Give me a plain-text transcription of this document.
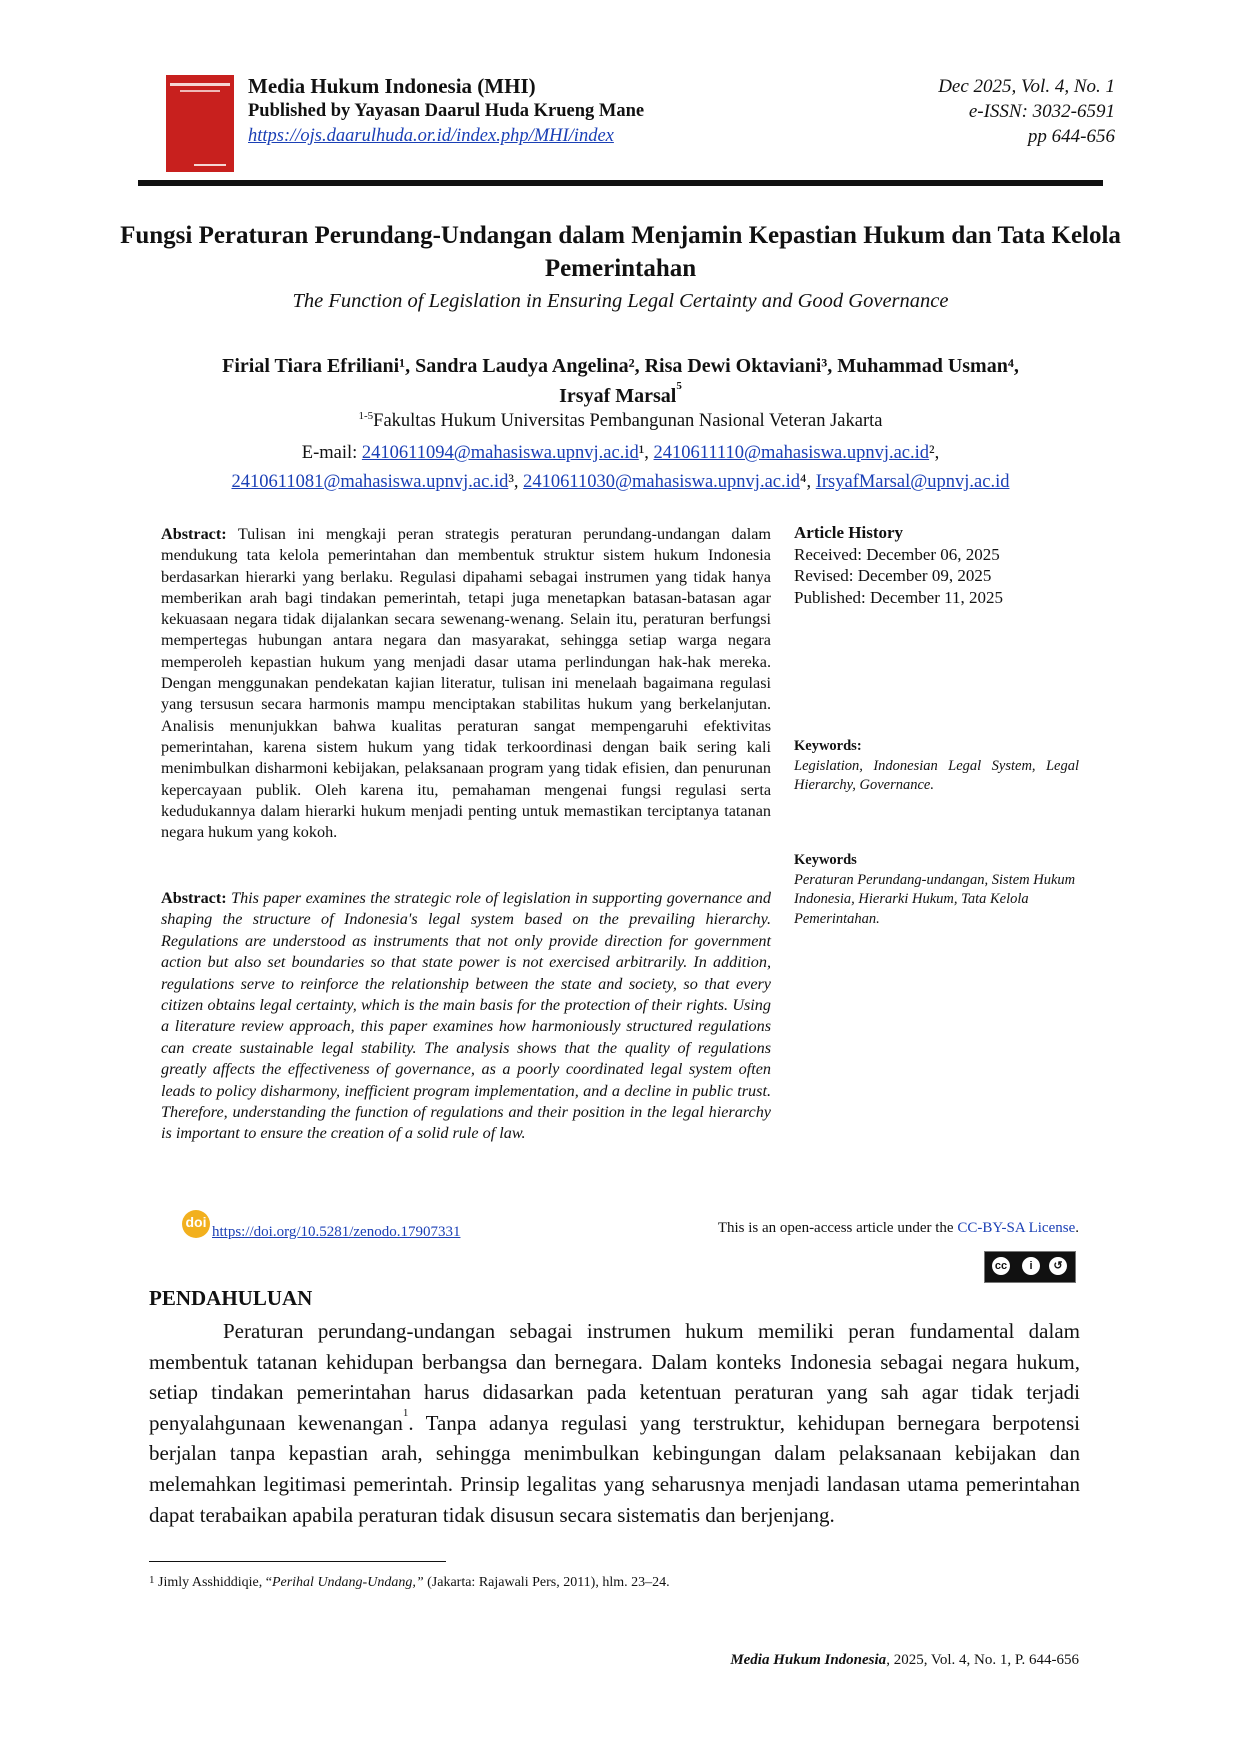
Media Hukum Indonesia (MHI)
Published by Yayasan Daarul Huda Krueng Mane
https://ojs.daarulhuda.or.id/index.php/MHI/index
Dec 2025, Vol. 4, No. 1
e-ISSN: 3032-6591
pp 644-656
Fungsi Peraturan Perundang-Undangan dalam Menjamin Kepastian Hukum dan Tata Kelola Pemerintahan
The Function of Legislation in Ensuring Legal Certainty and Good Governance
Firial Tiara Efriliani¹, Sandra Laudya Angelina², Risa Dewi Oktaviani³, Muhammad Usman⁴,
Irsyaf Marsal$^5$
$^{1-5}$Fakultas Hukum Universitas Pembangunan Nasional Veteran Jakarta
E-mail: 2410611094@mahasiswa.upnvj.ac.id¹, 2410611110@mahasiswa.upnvj.ac.id²,
2410611081@mahasiswa.upnvj.ac.id³, 2410611030@mahasiswa.upnvj.ac.id⁴, IrsyafMarsal@upnvj.ac.id
Abstract: Tulisan ini mengkaji peran strategis peraturan perundang-undangan dalam mendukung tata kelola pemerintahan dan membentuk struktur sistem hukum Indonesia berdasarkan hierarki yang berlaku. Regulasi dipahami sebagai instrumen yang tidak hanya memberikan arah bagi tindakan pemerintah, tetapi juga menetapkan batasan-batasan agar kekuasaan negara tidak dijalankan secara sewenang-wenang. Selain itu, peraturan berfungsi mempertegas hubungan antara negara dan masyarakat, sehingga setiap warga negara memperoleh kepastian hukum yang menjadi dasar utama perlindungan hak-hak mereka. Dengan menggunakan pendekatan kajian literatur, tulisan ini menelaah bagaimana regulasi yang tersusun secara harmonis mampu menciptakan stabilitas hukum yang berkelanjutan. Analisis menunjukkan bahwa kualitas peraturan sangat mempengaruhi efektivitas pemerintahan, karena sistem hukum yang tidak terkoordinasi dengan baik sering kali menimbulkan disharmoni kebijakan, pelaksanaan program yang tidak efisien, dan penurunan kepercayaan publik. Oleh karena itu, pemahaman mengenai fungsi regulasi serta kedudukannya dalam hierarki hukum menjadi penting untuk memastikan terciptanya tatanan negara hukum yang kokoh.
Abstract: This paper examines the strategic role of legislation in supporting governance and shaping the structure of Indonesia's legal system based on the prevailing hierarchy. Regulations are understood as instruments that not only provide direction for government action but also set boundaries so that state power is not exercised arbitrarily. In addition, regulations serve to reinforce the relationship between the state and society, so that every citizen obtains legal certainty, which is the main basis for the protection of their rights. Using a literature review approach, this paper examines how harmoniously structured regulations can create sustainable legal stability. The analysis shows that the quality of regulations greatly affects the effectiveness of governance, as a poorly coordinated legal system often leads to policy disharmony, inefficient program implementation, and a decline in public trust. Therefore, understanding the function of regulations and their position in the legal hierarchy is important to ensure the creation of a solid rule of law.
Article History
Received: December 06, 2025
Revised: December 09, 2025
Published: December 11, 2025
Keywords:
Legislation, Indonesian Legal System, Legal Hierarchy, Governance.
Keywords
Peraturan Perundang-undangan, Sistem Hukum Indonesia, Hierarki Hukum, Tata Kelola Pemerintahan.
doi
https://doi.org/10.5281/zenodo.17907331	This is an open-access article under the CC-BY-SA License.
cc	i	↺
PENDAHULUAN
Peraturan perundang-undangan sebagai instrumen hukum memiliki peran fundamental dalam membentuk tatanan kehidupan berbangsa dan bernegara. Dalam konteks Indonesia sebagai negara hukum, setiap tindakan pemerintahan harus didasarkan pada ketentuan peraturan yang sah agar tidak terjadi penyalahgunaan kewenangan$^1$. Tanpa adanya regulasi yang terstruktur, kehidupan bernegara berpotensi berjalan tanpa kepastian arah, sehingga menimbulkan kebingungan dalam pelaksanaan kebijakan dan melemahkan legitimasi pemerintah. Prinsip legalitas yang seharusnya menjadi landasan utama pemerintahan dapat terabaikan apabila peraturan tidak disusun secara sistematis dan berjenjang.
$^1$ Jimly Asshiddiqie, “Perihal Undang-Undang,” (Jakarta: Rajawali Pers, 2011), hlm. 23–24.
Media Hukum Indonesia, 2025, Vol. 4, No. 1, P. 644-656
